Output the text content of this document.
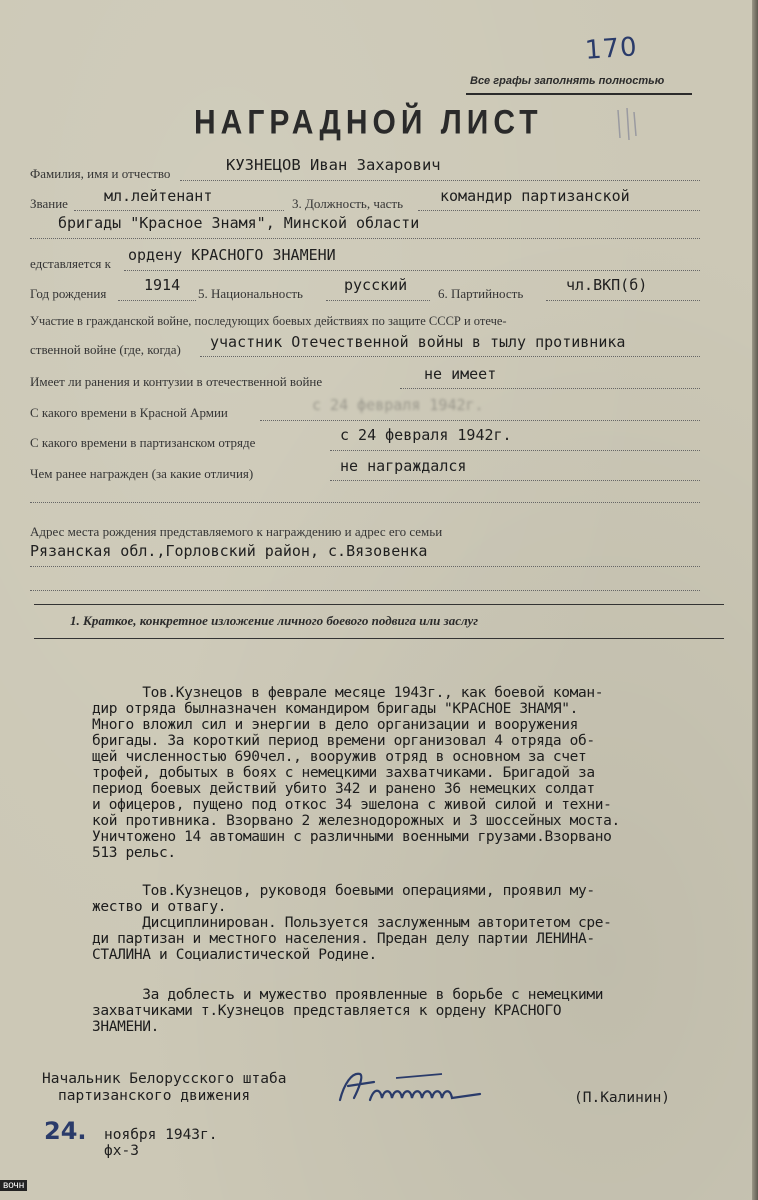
170
Все графы заполнять полностью
НАГРАДНОЙ ЛИСТ
Фамилия, имя и отчество	КУЗНЕЦОВ Иван Захарович
Звание мл.лейтенант	3. Должность, часть командир партизанской
бригады "Красное Знамя", Минской области
едставляется к ордену КРАСНОГО ЗНАМЕНИ
Год рождения	1914 5. Национальность	русский 6. Партийность	чл.ВКП(б)
Участие в гражданской войне, последующих боевых действиях по защите СССР и отече-
ственной войне (где, когда) участник Отечественной войны в тылу противника
Имеет ли ранения и контузии в отечественной войне	не имеет
С какого времени в Красной Армии	с 24 февраля 1942г.
С какого времени в партизанском отряде	с 24 февраля 1942г.
Чем ранее награжден (за какие отличия)	не награждался
Адрес места рождения представляемого к награждению и адрес его семьи
Рязанская обл.,Горловский район, с.Вязовенка
1. Краткое, конкретное изложение личного боевого подвига или заслуг
Тов.Кузнецов в феврале месяце 1943г., как боевой коман-
дир отряда былназначен командиром бригады "КРАСНОЕ ЗНАМЯ".
Много вложил сил и энергии в дело организации и вооружения
бригады. За короткий период времени организовал 4 отряда об-
щей численностью 690чел., вооружив отряд в основном за счет
трофей, добытых в боях с немецкими захватчиками. Бригадой за
период боевых действий убито 342 и ранено 36 немецких солдат
и офицеров, пущено под откос 34 эшелона с живой силой и техни-
кой противника. Взорвано 2 железнодорожных и 3 шоссейных моста.
Уничтожено 14 автомашин с различными военными грузами.Взорвано
513 рельс.
Тов.Кузнецов, руководя боевыми операциями, проявил му-
жество и отвагу.
Дисциплинирован. Пользуется заслуженным авторитетом сре-
ди партизан и местного населения. Предан делу партии ЛЕНИНА-
СТАЛИНА и Социалистической Родине.
За доблесть и мужество проявленные в борьбе с немецкими
захватчиками т.Кузнецов представляется к ордену КРАСНОГО
ЗНАМЕНИ.
Начальник Белорусского штаба
партизанского движения	(П.Калинин)
24. ноября 1943г.
фх-3
вочн
